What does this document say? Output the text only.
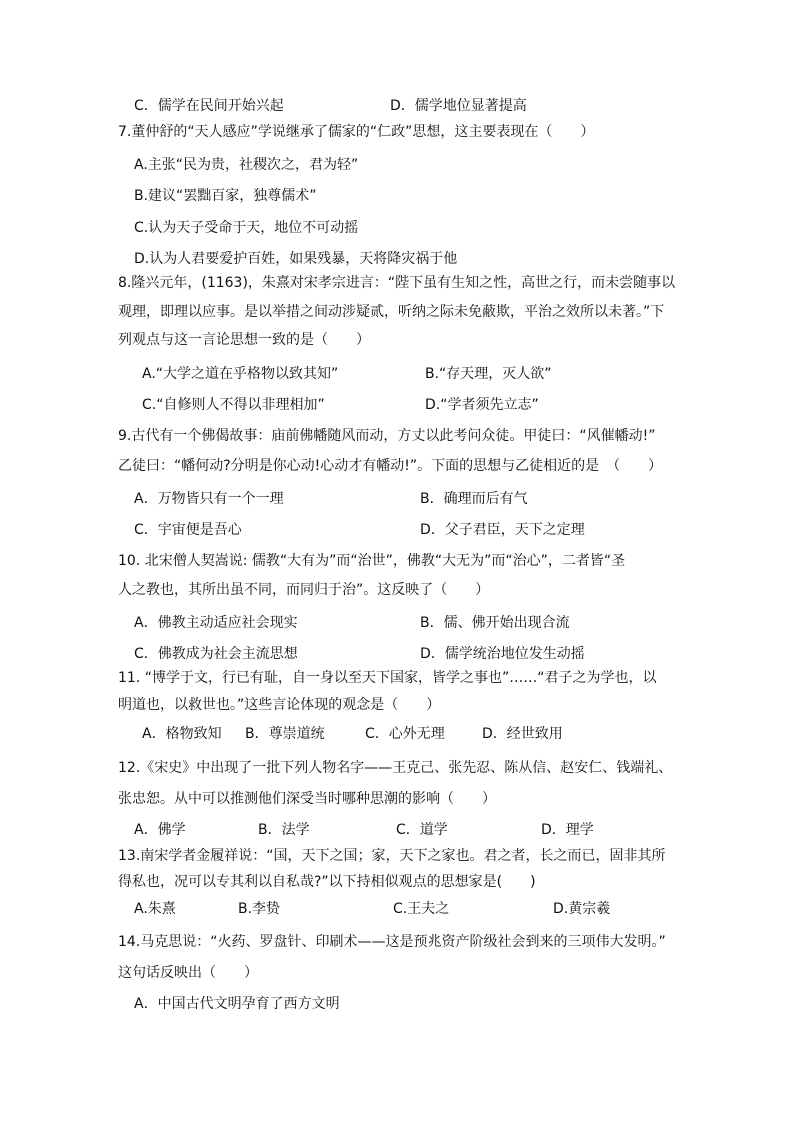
C．儒学在民间开始兴起	D．儒学地位显著提高
7.董仲舒的“天人感应”学说继承了儒家的“仁政”思想，这主要表现在（　　）
A.主张“民为贵，社稷次之，君为轻”
B.建议“罢黜百家，独尊儒术”
C.认为天子受命于天，地位不可动摇
D.认为人君要爱护百姓，如果残暴，天将降灾祸于他
8.隆兴元年，(1163)，朱熹对宋孝宗进言：“陛下虽有生知之性，高世之行，而未尝随事以
观理，即理以应事。是以举措之间动涉疑贰，听纳之际未免蔽欺，平治之效所以未著。”下
列观点与这一言论思想一致的是（　　）
A.“大学之道在乎格物以致其知”	B.“存天理，灭人欲”
C.“自修则人不得以非理相加”	D.“学者须先立志”
9.古代有一个佛偈故事：庙前佛幡随风而动，方丈以此考问众徒。甲徒曰：“风催幡动!”
乙徒曰：“幡何动?分明是你心动!心动才有幡动!”。下面的思想与乙徒相近的是　（　　）
A．万物皆只有一个一理	B．确理而后有气
C．宇宙便是吾心	D．父子君臣，天下之定理
10. 北宋僧人契嵩说: 儒教“大有为”而“治世”，佛教“大无为”而“治心”，二者皆“圣
人之教也，其所出虽不同，而同归于治”。这反映了（　　）
A．佛教主动适应社会现实	B．儒、佛开始出现合流
C．佛教成为社会主流思想	D．儒学统治地位发生动摇
11. “博学于文，行已有耻，自一身以至天下国家，皆学之事也”……“君子之为学也，以
明道也，以救世也。”这些言论体现的观念是（　　）
A．格物致知 B．尊崇道统	C．心外无理	D．经世致用
12.《宋史》中出现了一批下列人物名字——王克己、张先忍、陈从信、赵安仁、钱端礼、
张忠恕。从中可以推测他们深受当时哪种思潮的影响（　　）
A．佛学	B．法学	C．道学	D．理学
13.南宋学者金履祥说：“国，天下之国；家，天下之家也。君之者，长之而已，固非其所
得私也，况可以专其利以自私哉?”以下持相似观点的思想家是(　　)
A.朱熹	B.李贽	C.王夫之	D.黄宗羲
14.马克思说：“火药、罗盘针、印刷术——这是预兆资产阶级社会到来的三项伟大发明。”
这句话反映出（　　）
A．中国古代文明孕育了西方文明
